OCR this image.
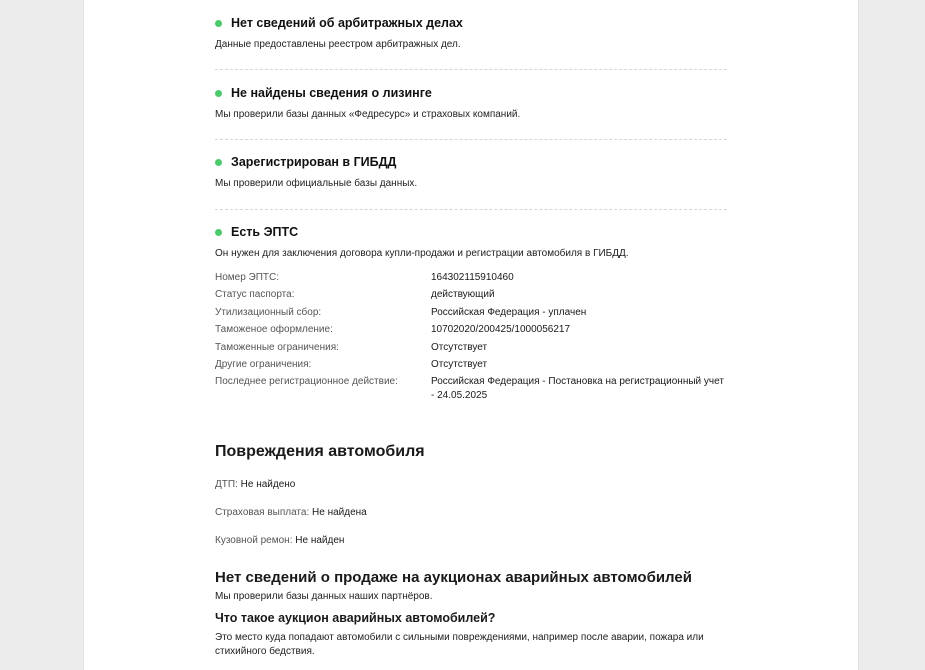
Нет сведений об арбитражных делах
Данные предоставлены реестром арбитражных дел.
Не найдены сведения о лизинге
Мы проверили базы данных «Федресурс» и страховых компаний.
Зарегистрирован в ГИБДД
Мы проверили официальные базы данных.
Есть ЭПТС
Он нужен для заключения договора купли-продажи и регистрации автомобиля в ГИБДД.
Номер ЭПТС:	164302115910460
Статус паспорта:	действующий
Утилизационный сбор:	Российская Федерация - уплачен
Таможеное оформление:	10702020/200425/1000056217
Таможенные ограничения:	Отсутствует
Другие ограничения:	Отсутствует
Последнее регистрационное действие:	Российская Федерация - Постановка на регистрационный учет - 24.05.2025
Повреждения автомобиля
ДТП: Не найдено
Страховая выплата: Не найдена
Кузовной ремон: Не найден
Нет сведений о продаже на аукционах аварийных автомобилей
Мы проверили базы данных наших партнёров.
Что такое аукцион аварийных автомобилей?
Это место куда попадают автомобили с сильными повреждениями, например после аварии, пожара или стихийного бедствия.
